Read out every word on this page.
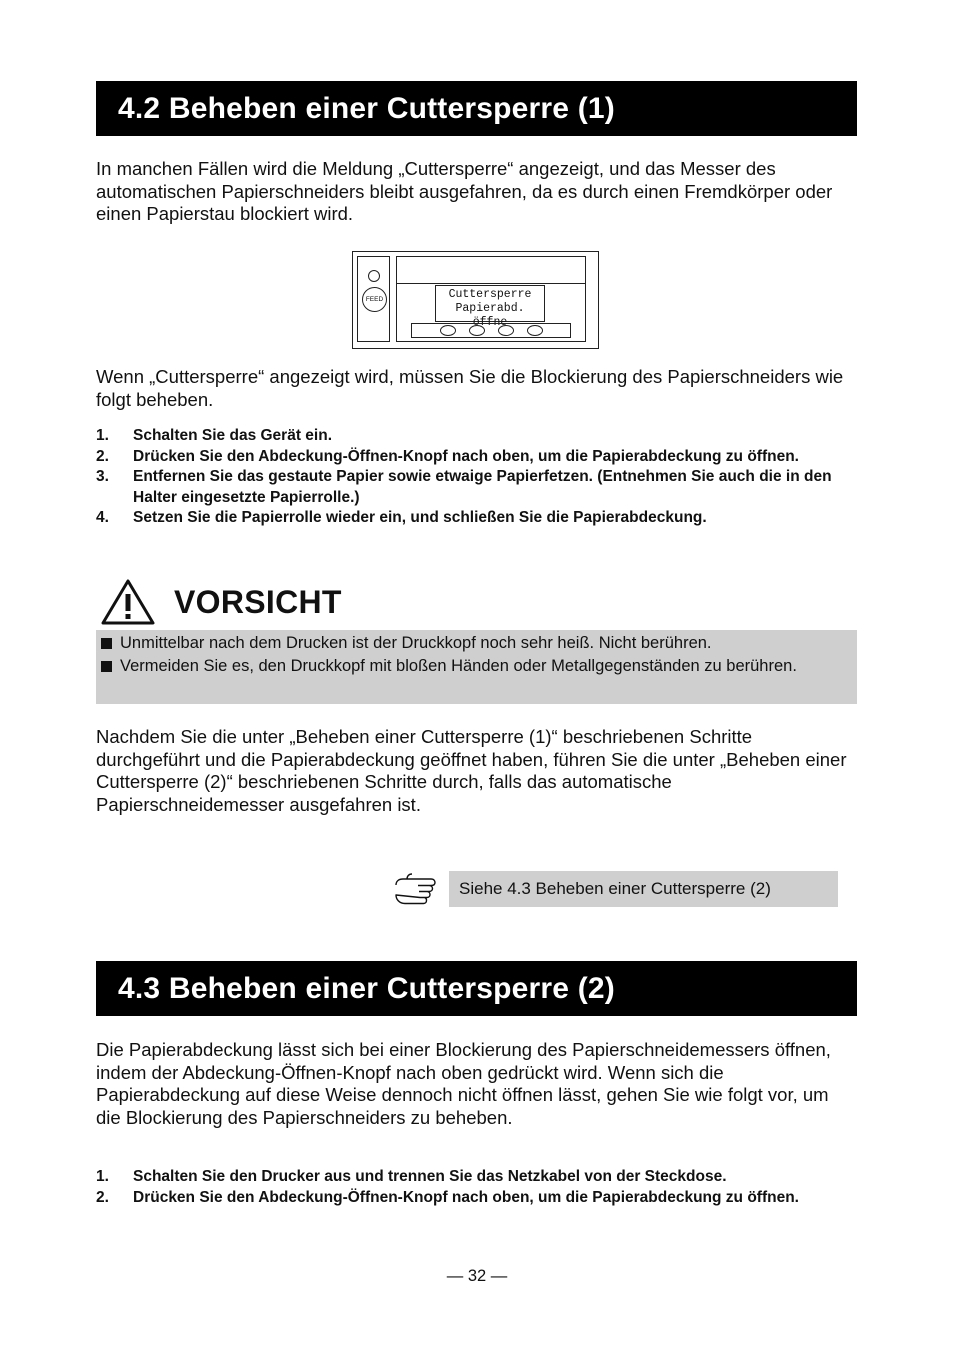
4.2 Beheben einer Cuttersperre (1)
In manchen Fällen wird die Meldung „Cuttersperre“ angezeigt, und das Messer des automatischen Papierschneiders bleibt ausgefahren, da es durch einen Fremdkörper oder einen Papierstau blockiert wird.
FEED	Cuttersperre
Papierabd. öffne
Wenn „Cuttersperre“ angezeigt wird, müssen Sie die Blockierung des Papierschneiders wie folgt beheben.
1. Schalten Sie das Gerät ein.
2. Drücken Sie den Abdeckung-Öffnen-Knopf nach oben, um die Papierabdeckung zu öffnen.
3. Entfernen Sie das gestaute Papier sowie etwaige Papierfetzen. (Entnehmen Sie auch die in den Halter eingesetzte Papierrolle.)
4. Setzen Sie die Papierrolle wieder ein, und schließen Sie die Papierabdeckung.
VORSICHT
Unmittelbar nach dem Drucken ist der Druckkopf noch sehr heiß. Nicht berühren.
Vermeiden Sie es, den Druckkopf mit bloßen Händen oder Metallgegenständen zu berühren.
Nachdem Sie die unter „Beheben einer Cuttersperre (1)“ beschriebenen Schritte durchgeführt und die Papierabdeckung geöffnet haben, führen Sie die unter „Beheben einer Cuttersperre (2)“ beschriebenen Schritte durch, falls das automatische Papierschneidemesser ausgefahren ist.
Siehe 4.3 Beheben einer Cuttersperre (2)
4.3 Beheben einer Cuttersperre (2)
Die Papierabdeckung lässt sich bei einer Blockierung des Papierschneidemessers öffnen, indem der Abdeckung-Öffnen-Knopf nach oben gedrückt wird. Wenn sich die Papierabdeckung auf diese Weise dennoch nicht öffnen lässt, gehen Sie wie folgt vor, um die Blockierung des Papierschneiders zu beheben.
1. Schalten Sie den Drucker aus und trennen Sie das Netzkabel von der Steckdose.
2. Drücken Sie den Abdeckung-Öffnen-Knopf nach oben, um die Papierabdeckung zu öffnen.
— 32 —
